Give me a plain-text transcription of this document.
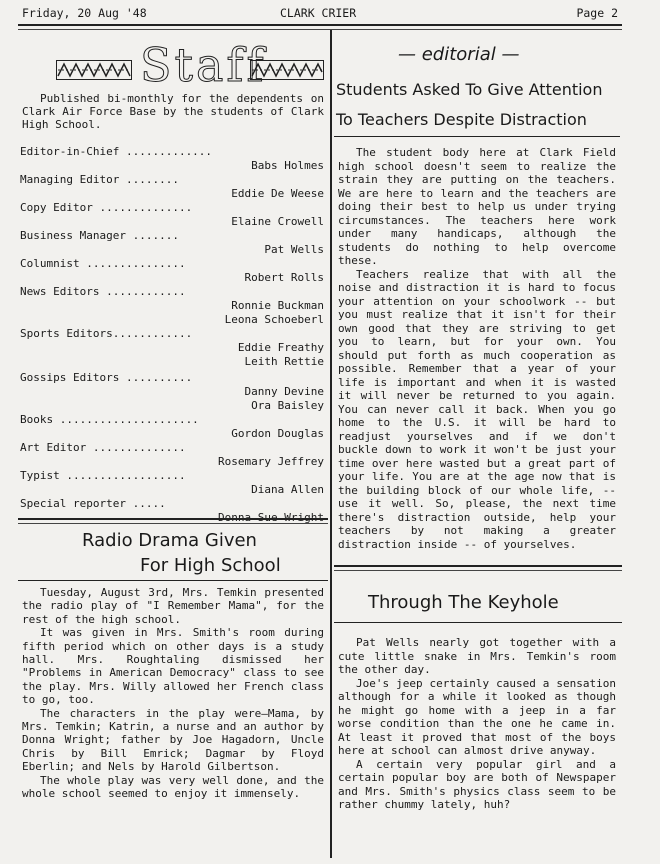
Friday, 20 Aug '48	CLARK CRIER	Page 2
Staff

Published bi-monthly for the dependents on Clark Air Force Base by the students of Clark High School.

Editor-in-Chief .............
Babs Holmes
Managing Editor ........
Eddie De Weese
Copy Editor ..............
Elaine Crowell
Business Manager .......
Pat Wells
Columnist ...............
Robert Rolls
News Editors ............
Ronnie Buckman
Leona Schoeberl
Sports Editors............
Eddie Freathy
Leith Rettie
Gossips Editors ..........
Danny Devine
Ora Baisley
Books .....................
Gordon Douglas
Art Editor ..............
Rosemary Jeffrey
Typist ..................
Diana Allen
Special reporter .....
Donna Sue Wright
Radio Drama Given
For High School

Tuesday, August 3rd, Mrs. Temkin presented the radio play of "I Remember Mama", for the rest of the high school.

It was given in Mrs. Smith's room during fifth period which on other days is a study hall. Mrs. Roughtaling dismissed her "Problems in American Democracy" class to see the play. Mrs. Willy allowed her French class to go, too.

The characters in the play were—Mama, by Mrs. Temkin; Katrin, a nurse and an author by Donna Wright; father by Joe Hagadorn, Uncle Chris by Bill Emrick; Dagmar by Floyd Eberlin; and Nels by Harold Gilbertson.

The whole play was very well done, and the whole school seemed to enjoy it immensely.

— editorial —
Students Asked To Give Attention
To Teachers Despite Distraction

The student body here at Clark Field high school doesn't seem to realize the strain they are putting on the teachers. We are here to learn and the teachers are doing their best to help us under trying circumstances. The teachers here work under many handicaps, although the students do nothing to help overcome these.

Teachers realize that with all the noise and distraction it is hard to focus your attention on your schoolwork -- but you must realize that it isn't for their own good that they are striving to get you to learn, but for your own. You should put forth as much cooperation as possible. Remember that a year of your life is important and when it is wasted it will never be returned to you again. You can never call it back. When you go home to the U.S. it will be hard to readjust yourselves and if we don't buckle down to work it won't be just your time over here wasted but a great part of your life. You are at the age now that is the building block of our whole life, -- use it well. So, please, the next time there's distraction outside, help your teachers by not making a greater distraction inside -- of yourselves.

Through The Keyhole

Pat Wells nearly got together with a cute little snake in Mrs. Temkin's room the other day.

Joe's jeep certainly caused a sensation although for a while it looked as though he might go home with a jeep in a far worse condition than the one he came in. At least it proved that most of the boys here at school can almost drive anyway.

A certain very popular girl and a certain popular boy are both of Newspaper and Mrs. Smith's physics class seem to be rather chummy lately, huh?
